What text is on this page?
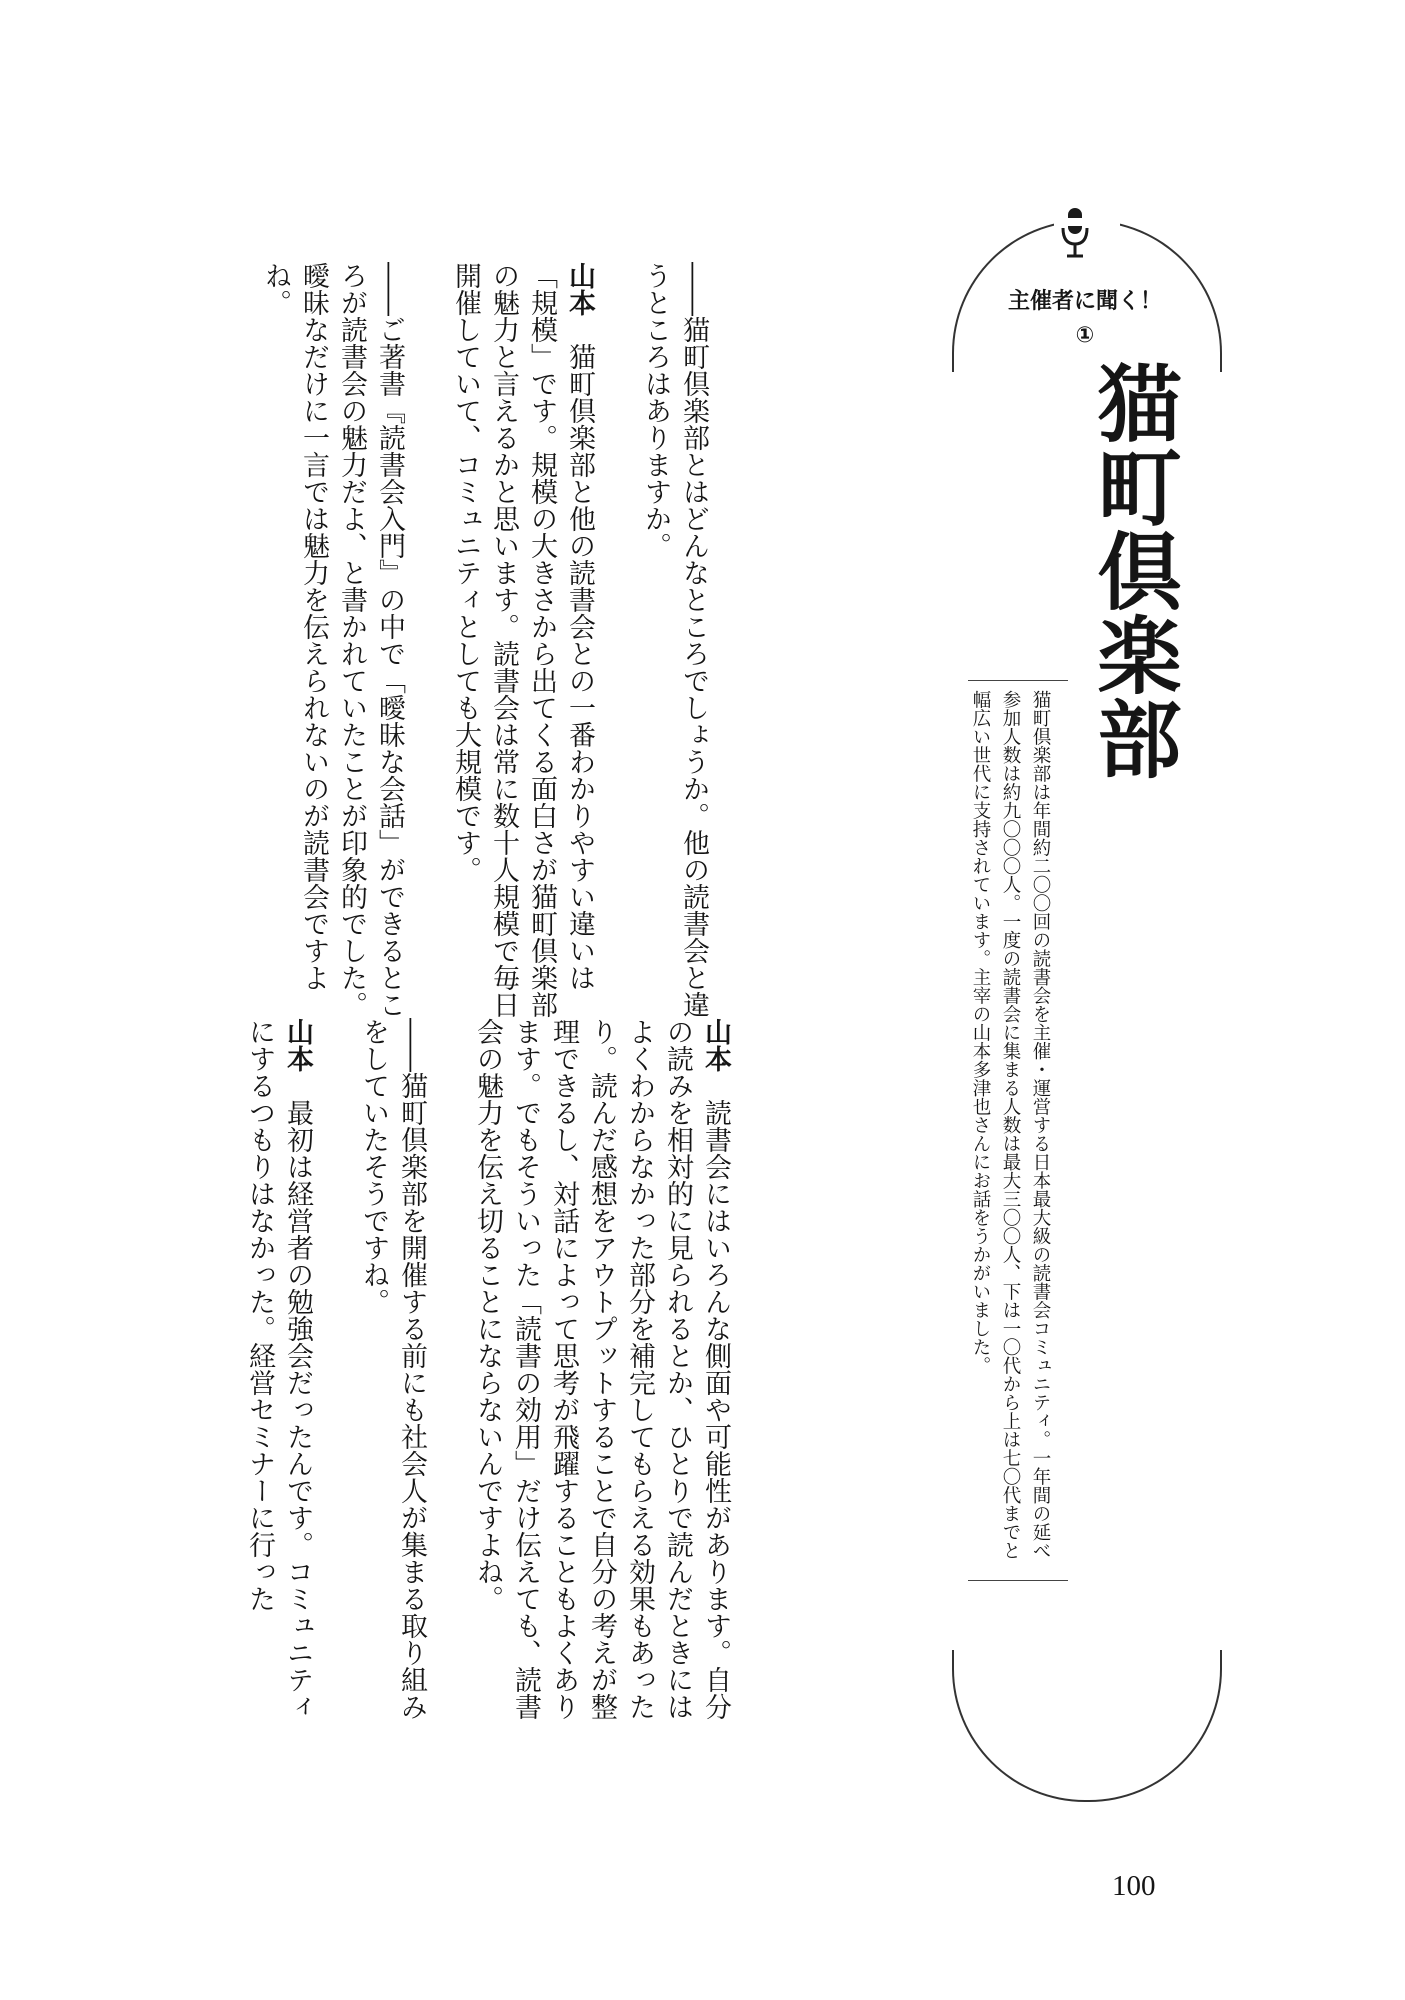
主催者に聞く！
①
猫町倶楽部

猫町倶楽部は年間約二〇〇回の読書会を主催・運営する日本最大級の読書会コミュニティ。一年間の延べ参加人数は約九〇〇〇人。一度の読書会に集まる人数は最大三〇〇人、下は一〇代から上は七〇代までと幅広い世代に支持されています。主宰の山本多津也さんにお話をうかがいました。

――猫町倶楽部とはどんなところでしょうか。他の読書会と違うところはありますか。

山本　猫町倶楽部と他の読書会との一番わかりやすい違いは「規模」です。規模の大きさから出てくる面白さが猫町倶楽部の魅力と言えるかと思います。読書会は常に数十人規模で毎日開催していて、コミュニティとしても大規模です。

――ご著書『読書会入門』の中で「曖昧な会話」ができるところが読書会の魅力だよ、と書かれていたことが印象的でした。曖昧なだけに一言では魅力を伝えられないのが読書会ですよね。

山本　読書会にはいろんな側面や可能性があります。自分の読みを相対的に見られるとか、ひとりで読んだときにはよくわからなかった部分を補完してもらえる効果もあったり。読んだ感想をアウトプットすることで自分の考えが整理できるし、対話によって思考が飛躍することもよくあります。でもそういった「読書の効用」だけ伝えても、読書会の魅力を伝え切ることにならないんですよね。

――猫町倶楽部を開催する前にも社会人が集まる取り組みをしていたそうですね。

山本　最初は経営者の勉強会だったんです。コミュニティにするつもりはなかった。経営セミナーに行った

100
